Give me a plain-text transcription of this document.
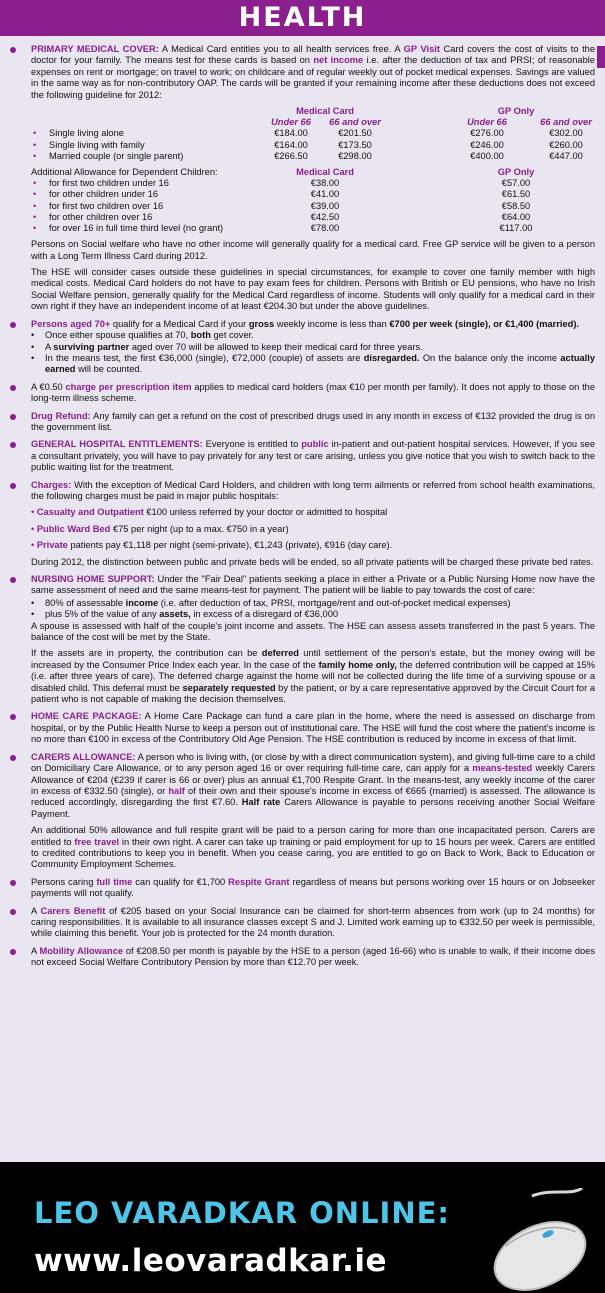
HEALTH

PRIMARY MEDICAL COVER: A Medical Card entitles you to all health services free. A GP Visit Card covers the cost of visits to the doctor for your family. The means test for these cards is based on net income i.e. after the deduction of tax and PRSI; of reasonable expenses on rent or mortgage; on travel to work; on childcare and of regular weekly out of pocket medical expenses. Savings are valued in the same way as for non-contributory OAP. The cards will be granted if your remaining income after these deductions does not exceed the following guideline for 2012:

	Medical Card			GP Only	
	Under 66	66 and over		Under 66	66 and over

• Single living alone	€184.00	€201.50		€276.00	€302.00

• Single living with family	€164.00	€173.50		€246.00	€260.00

• Married couple (or single parent)	€266.50	€298.00		€400.00	€447.00
Additional Allowance for Dependent Children:	Medical Card		GP Only

• for first two children under 16	€38.00		€57.00

• for other children under 16	€41.00		€61.50

• for first two children over 16	€39.00		€58.50

• for other children over 16	€42.50		€64.00

• for over 16 in full time third level (no grant)	€78.00		€117.00

Persons on Social welfare who have no other income will generally qualify for a medical card. Free GP service will be given to a person with a Long Term Illness Card during 2012.

The HSE will consider cases outside these guidelines in special circumstances, for example to cover one family member with high medical costs. Medical Card holders do not have to pay exam fees for children. Persons with British or EU pensions, who have no Irish Social Welfare pension, generally qualify for the Medical Card regardless of income. Students will only qualify for a medical card in their own right if they have an independent income of at least €204.30 but under the above guidelines.

Persons aged 70+ qualify for a Medical Card if your gross weekly income is less than €700 per week (single), or €1,400 (married).

• Once either spouse qualifies at 70, both get cover.
• A surviving partner aged over 70 will be allowed to keep their medical card for three years.
• In the means test, the first €36,000 (single), €72,000 (couple) of assets are disregarded. On the balance only the income actually earned will be counted.

A €0.50 charge per prescription item applies to medical card holders (max €10 per month per family). It does not apply to those on the long-term illness scheme.

Drug Refund: Any family can get a refund on the cost of prescribed drugs used in any month in excess of €132 provided the drug is on the government list.

GENERAL HOSPITAL ENTITLEMENTS: Everyone is entitled to public in-patient and out-patient hospital services. However, if you see a consultant privately, you will have to pay privately for any test or care arising, unless you give notice that you wish to switch back to the public waiting list for the treatment.

Charges: With the exception of Medical Card Holders, and children with long term ailments or referred from school health examinations, the following charges must be paid in major public hospitals:

• Casualty and Outpatient €100 unless referred by your doctor or admitted to hospital

• Public Ward Bed €75 per night (up to a max. €750 in a year)

• Private patients pay €1,118 per night (semi-private), €1,243 (private), €916 (day care).

During 2012, the distinction between public and private beds will be ended, so all private patients will be charged these private bed rates.

NURSING HOME SUPPORT: Under the "Fair Deal" patients seeking a place in either a Private or a Public Nursing Home now have the same assessment of need and the same means-test for payment. The patient will be liable to pay towards the cost of care:

• 80% of assessable income (i.e. after deduction of tax, PRSI, mortgage/rent and out-of-pocket medical expenses)
• plus 5% of the value of any assets, in excess of a disregard of €36,000

A spouse is assessed with half of the couple's joint income and assets. The HSE can assess assets transferred in the past 5 years. The balance of the cost will be met by the State.

If the assets are in property, the contribution can be deferred until settlement of the person's estate, but the money owing will be increased by the Consumer Price Index each year. In the case of the family home only, the deferred contribution will be capped at 15% (i.e. after three years of care). The deferred charge against the home will not be collected during the life time of a surviving spouse or a disabled child. This deferral must be separately requested by the patient, or by a care representative approved by the Circuit Court for a patient who is not capable of making the decision themselves.

HOME CARE PACKAGE: A Home Care Package can fund a care plan in the home, where the need is assessed on discharge from hospital, or by the Public Health Nurse to keep a person out of institutional care. The HSE will fund the cost where the patient's income is no more than €100 in excess of the Contributory Old Age Pension. The HSE contribution is reduced by income in excess of that limit.

CARERS ALLOWANCE: A person who is living with, (or close by with a direct communication system), and giving full-time care to a child on Domiciliary Care Allowance, or to any person aged 16 or over requiring full-time care, can apply for a means-tested weekly Carers Allowance of €204 (€239 if carer is 66 or over) plus an annual €1,700 Respite Grant. In the means-test, any weekly income of the carer in excess of €332.50 (single), or half of their own and their spouse's income in excess of €665 (married) is assessed. The allowance is reduced accordingly, disregarding the first €7.60. Half rate Carers Allowance is payable to persons receiving another Social Welfare Payment.

An additional 50% allowance and full respite grant will be paid to a person caring for more than one incapacitated person. Carers are entitled to free travel in their own right. A carer can take up training or paid employment for up to 15 hours per week. Carers are entitled to credited contributions to keep you in benefit. When you cease caring, you are entitled to go on Back to Work, Back to Education or Community Employment Schemes.

Persons caring full time can qualify for €1,700 Respite Grant regardless of means but persons working over 15 hours or on Jobseeker payments will not qualify.

A Carers Benefit of €205 based on your Social Insurance can be claimed for short-term absences from work (up to 24 months) for caring responsibilities. It is available to all insurance classes except S and J. Limited work earning up to €332.50 per week is permissible, while claiming this benefit. Your job is protected for the 24 month duration.

A Mobility Allowance of €208.50 per month is payable by the HSE to a person (aged 16-66) who is unable to walk, if their income does not exceed Social Welfare Contributory Pension by more than €12.70 per week.

LEO VARADKAR ONLINE:
www.leovaradkar.ie
